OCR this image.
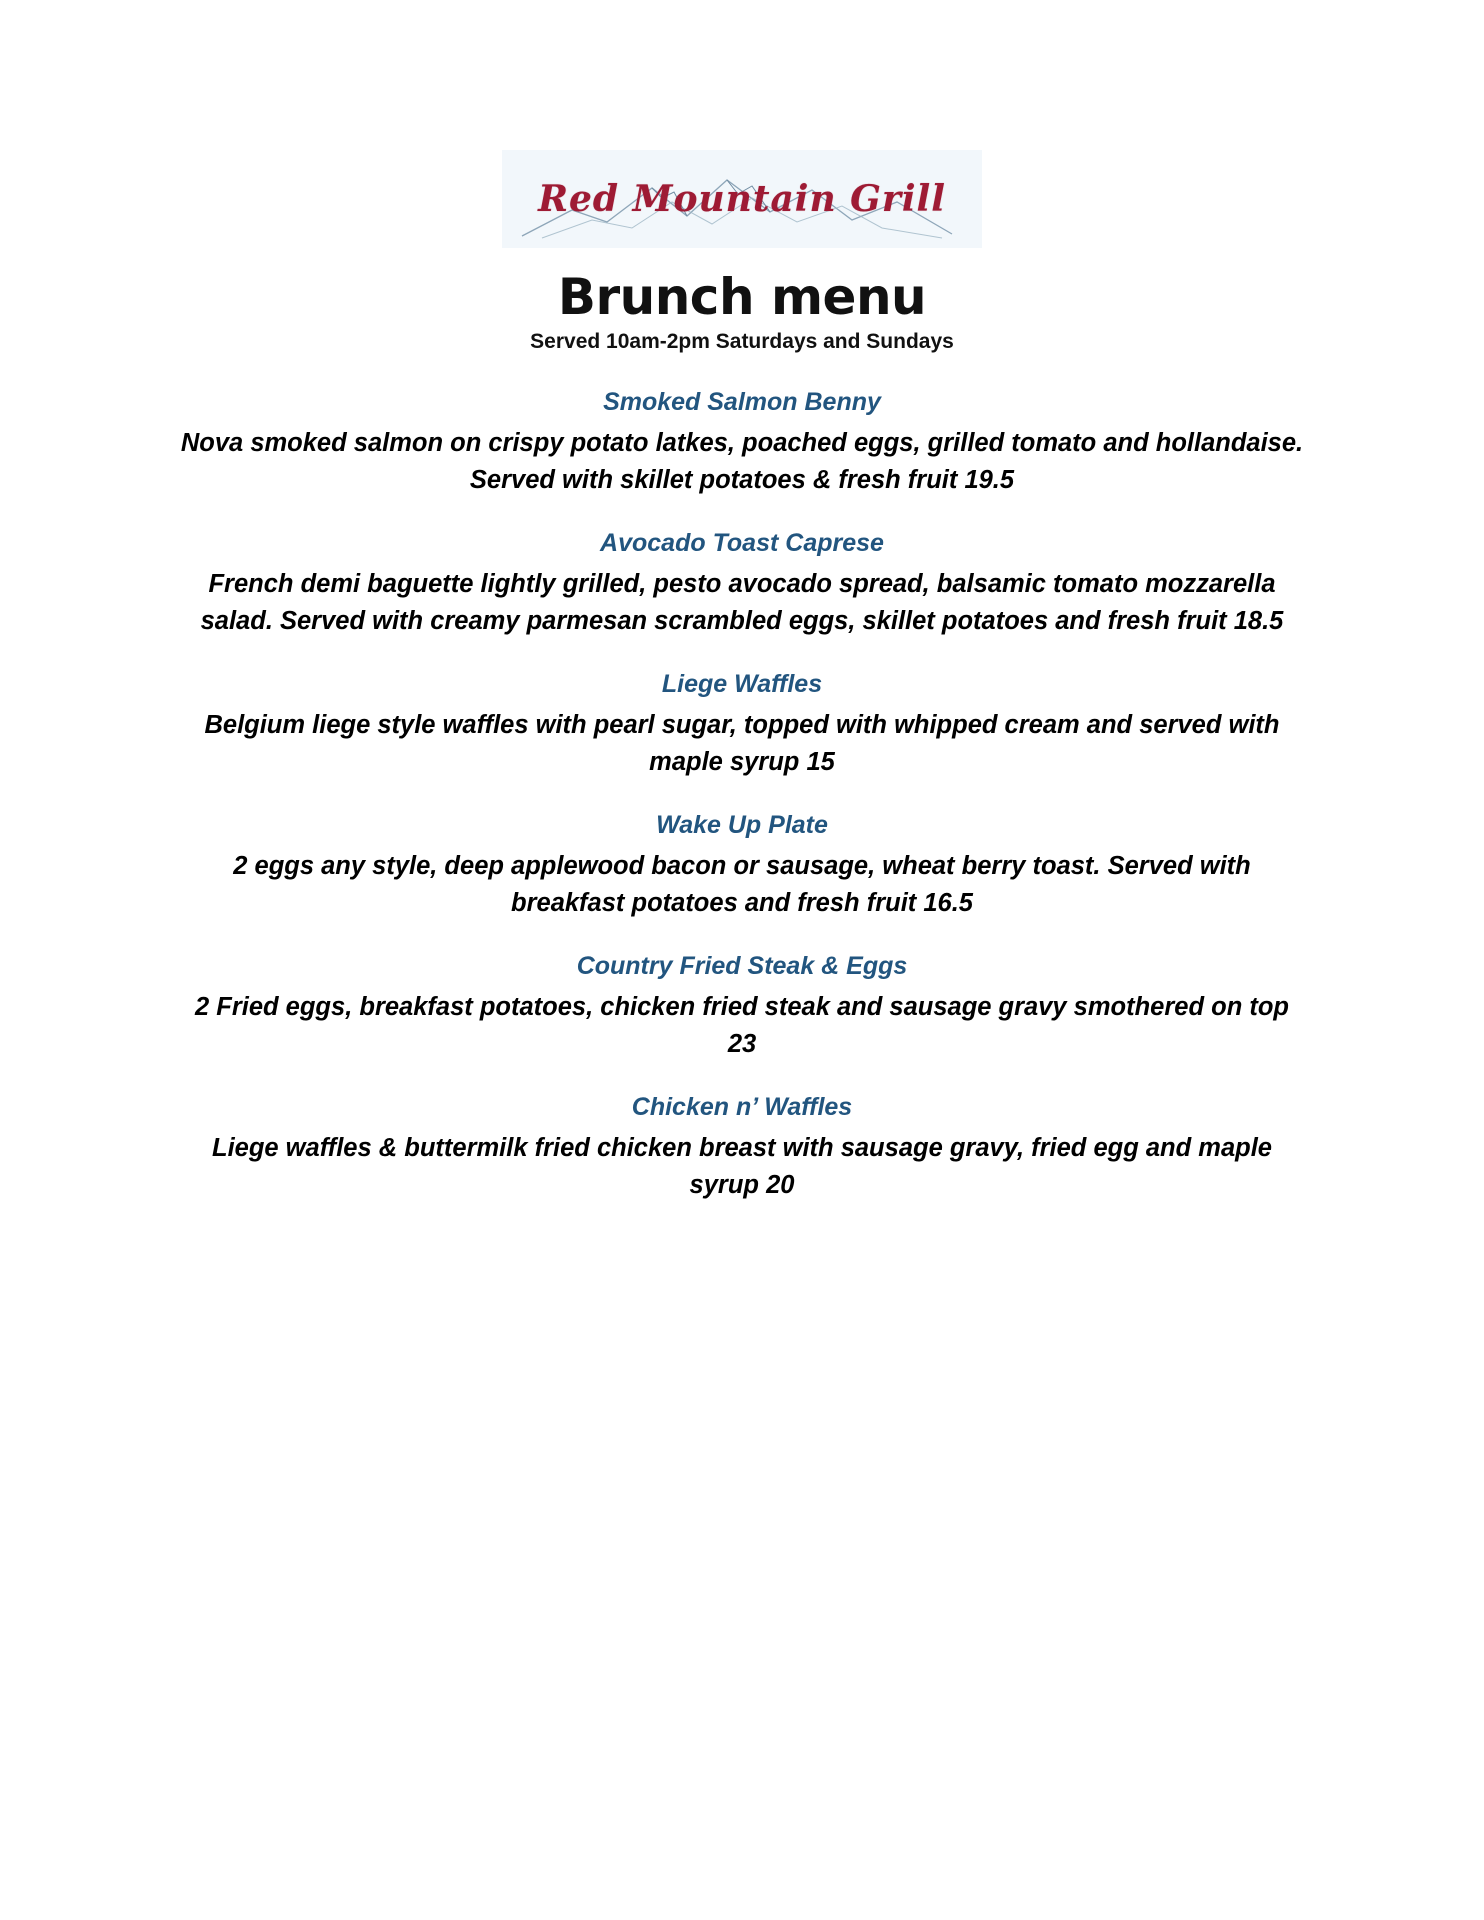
Red Mountain Grill
Brunch menu

Served 10am-2pm Saturdays and Sundays

Smoked Salmon Benny
Nova smoked salmon on crispy potato latkes, poached eggs, grilled tomato and hollandaise. Served with skillet potatoes & fresh fruit 19.5
Avocado Toast Caprese
French demi baguette lightly grilled, pesto avocado spread, balsamic tomato mozzarella salad. Served with creamy parmesan scrambled eggs, skillet potatoes and fresh fruit 18.5
Liege Waffles
Belgium liege style waffles with pearl sugar, topped with whipped cream and served with maple syrup 15
Wake Up Plate
2 eggs any style, deep applewood bacon or sausage, wheat berry toast. Served with breakfast potatoes and fresh fruit 16.5
Country Fried Steak & Eggs
2 Fried eggs, breakfast potatoes, chicken fried steak and sausage gravy smothered on top 23
Chicken n’ Waffles
Liege waffles & buttermilk fried chicken breast with sausage gravy, fried egg and maple syrup 20
